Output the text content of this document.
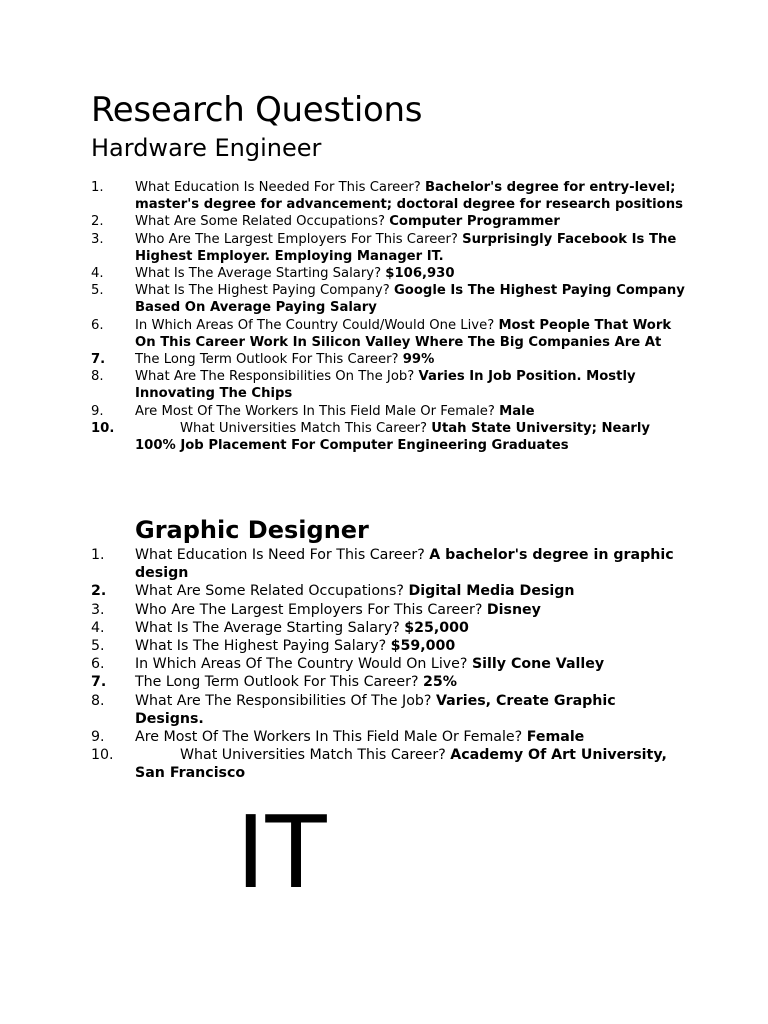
Research Questions
Hardware Engineer
1.	What Education Is Needed For This Career? Bachelor's degree for entry-level; master's degree for advancement; doctoral degree for research positions
2.	What Are Some Related Occupations? Computer Programmer
3.	Who Are The Largest Employers For This Career? Surprisingly Facebook Is The Highest Employer. Employing Manager IT.
4.	What Is The Average Starting Salary? $106,930
5.	What Is The Highest Paying Company? Google Is The Highest Paying Company Based On Average Paying Salary
6.	In Which Areas Of The Country Could/Would One Live? Most People That Work On This Career Work In Silicon Valley Where The Big Companies Are At
7.	The Long Term Outlook For This Career? 99%
8.	What Are The Responsibilities On The Job? Varies In Job Position. Mostly Innovating The Chips
9.	Are Most Of The Workers In This Field Male Or Female? Male
10.	What Universities Match This Career? Utah State University; Nearly 100% Job Placement For Computer Engineering Graduates
Graphic Designer
1.	What Education Is Need For This Career? A bachelor's degree in graphic design
2.	What Are Some Related Occupations? Digital Media Design
3.	Who Are The Largest Employers For This Career? Disney
4.	What Is The Average Starting Salary? $25,000
5.	What Is The Highest Paying Salary? $59,000
6.	In Which Areas Of The Country Would On Live? Silly Cone Valley
7.	The Long Term Outlook For This Career? 25%
8.	What Are The Responsibilities Of The Job? Varies, Create Graphic Designs.
9.	Are Most Of The Workers In This Field Male Or Female? Female
10.	What Universities Match This Career? Academy Of Art University, San Francisco
IT
